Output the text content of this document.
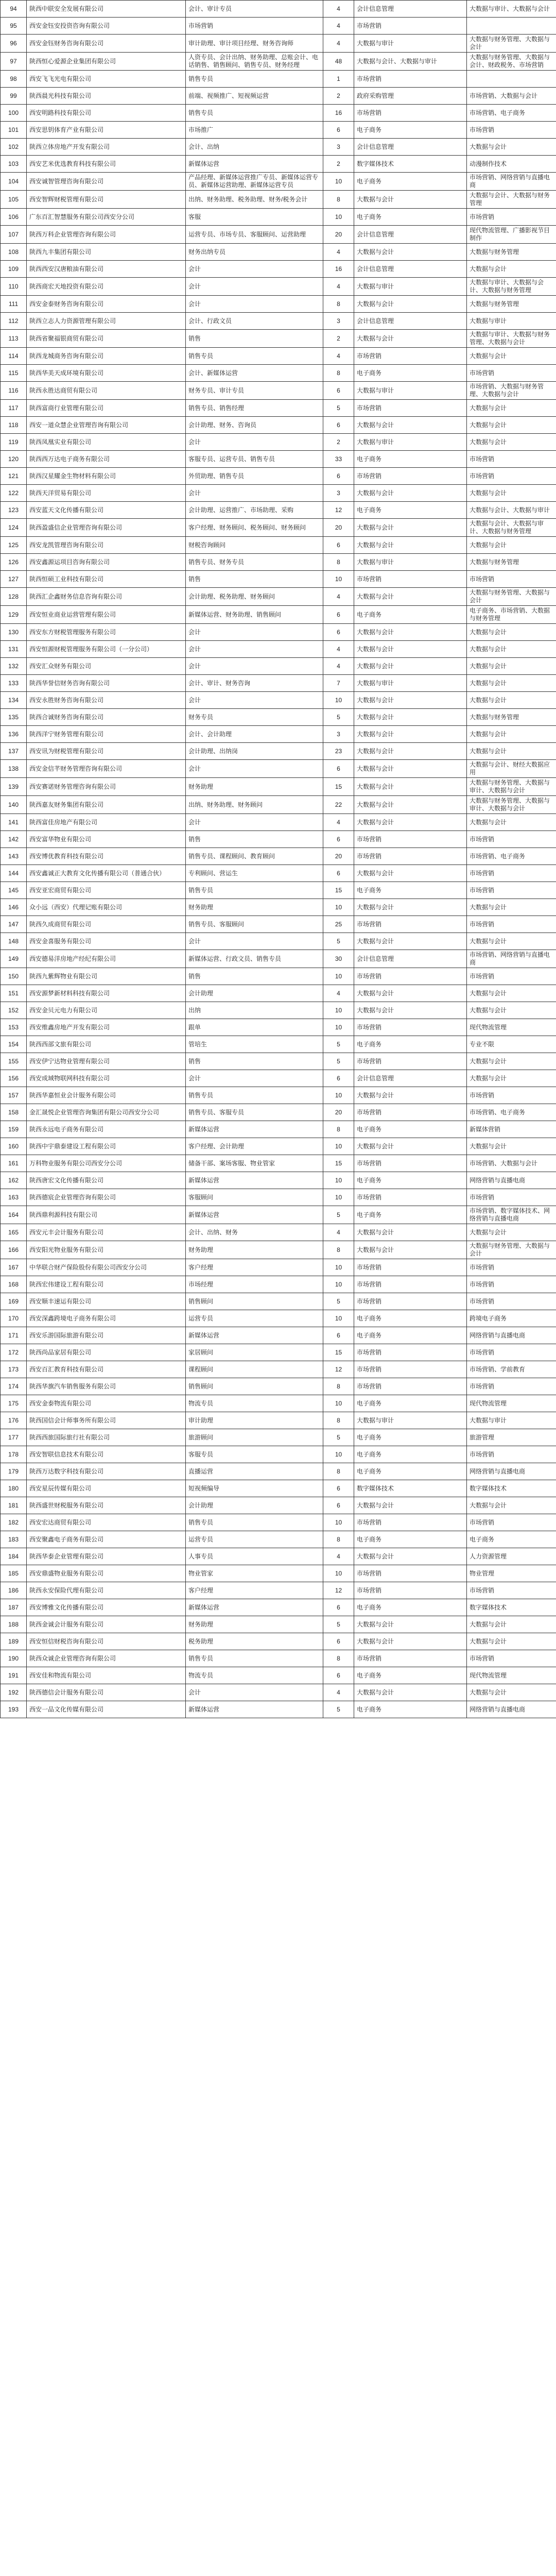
94	陕西中联安全发展有限公司	会计、审计专员	4	会计信息管理	大数据与审计、大数据与会计
95	西安金钰安投资咨询有限公司	市场营销	4	市场营销	
96	西安金钰财务咨询有限公司	审计助理、审计项目经理、财务咨询师	4	大数据与审计	大数据与财务管理、大数据与会计
97	陕西恒心爱源企业集团有限公司	人资专员、会计出纳、财务助理、总账会计、电话销售、销售顾问、销售专员、财务经理	48	大数据与会计、大数据与审计	大数据与财务管理、大数据与会计、财政税务、市场营销
98	西安飞飞光电有限公司	销售专员	1	市场营销	
99	陕西晨光科技有限公司	前端、视频推广、短视频运营	2	政府采购管理	市场营销、大数据与会计
100	西安明路科技有限公司	销售专员	16	市场营销	市场营销、电子商务
101	西安思钥体育产业有限公司	市场推广	6	电子商务	市场营销
102	陕西立体房地产开发有限公司	会计、出纳	3	会计信息管理	大数据与会计
103	西安艺米优选教育科技有限公司	新媒体运营	2	数字媒体技术	动漫制作技术
104	西安诚智管理咨询有限公司	产品经理、新媒体运营推广专员、新媒体运营专员、新媒体运营助理、新媒体运营专员	10	电子商务	市场营销、网络营销与直播电商
105	西安智辉财税管理有限公司	出纳、财务助理、税务助理、财务/税务会计	8	大数据与会计	大数据与会计、大数据与财务管理
106	广东百汇智慧服务有限公司西安分公司	客服	10	电子商务	市场营销
107	陕西万科企业管理咨询有限公司	运营专员、市场专员、客服顾问、运营助理	20	会计信息管理	现代物流管理、广播影视节目制作
108	陕西九丰集团有限公司	财务出纳专员	4	大数据与会计	大数据与财务管理
109	陕西西安汉唐粮油有限公司	会计	16	会计信息管理	大数据与会计
110	陕西商宏天地投资有限公司	会计	4	大数据与审计	大数据与审计、大数据与会计、大数据与财务管理
111	西安金泰财务咨询有限公司	会计	8	大数据与会计	大数据与财务管理
112	陕西立志人力资源管理有限公司	会计、行政文员	3	会计信息管理	大数据与审计
113	陕西省聚福银商贸有限公司	销售	2	大数据与会计	大数据与审计、大数据与财务管理、大数据与会计
114	陕西龙城商务咨询有限公司	销售专员	4	市场营销	大数据与会计
115	陕西华美天成环境有限公司	会计、新媒体运营	8	电子商务	市场营销
116	陕西永胜达商贸有限公司	财务专员、审计专员	6	大数据与审计	市场营销、大数据与财务管理、大数据与会计
117	陕西富商行业管理有限公司	销售专员、销售经理	5	市场营销	大数据与会计
118	西安一道众慧企业管理咨询有限公司	会计助理、财务、咨询员	6	大数据与会计	大数据与会计
119	陕西凤凰实业有限公司	会计	2	大数据与审计	大数据与会计
120	陕西西万达电子商务有限公司	客服专员、运营专员、销售专员	33	电子商务	市场营销
121	陕西汉星耀金生物材料有限公司	外贸助理、销售专员	6	市场营销	市场营销
122	陕西天洋贸易有限公司	会计	3	大数据与会计	大数据与会计
123	西安蓝天文化传播有限公司	会计助理、运营推广、市场助理、采购	12	电子商务	大数据与会计、大数据与审计
124	陕西盈盛信企业管理咨询有限公司	客户经理、财务顾问、税务顾问、财务顾问	20	大数据与会计	大数据与会计、大数据与审计、大数据与财务管理
125	西安龙凯管理咨询有限公司	财税咨询顾问	6	大数据与会计	大数据与会计
126	西安鑫源运项目咨询有限公司	销售专员、财务专员	8	大数据与审计	大数据与财务管理
127	陕西恒硕工业科技有限公司	销售	10	市场营销	市场营销
128	陕西汇企鑫财务信息咨询有限公司	会计助理、税务助理、财务顾问	4	大数据与会计	大数据与财务管理、大数据与会计
129	西安恒业商业运营管理有限公司	新媒体运营、财务助理、销售顾问	6	电子商务	电子商务、市场营销、大数据与财务管理
130	西安东方财税管理服务有限公司	会计	6	大数据与会计	大数据与会计
131	西安恒源财税管理服务有限公司（一分公司）	会计	4	大数据与会计	大数据与会计
132	西安汇众财务有限公司	会计	4	大数据与会计	大数据与会计
133	陕西华誉信财务咨询有限公司	会计、审计、财务咨询	7	大数据与审计	大数据与会计
134	西安永胜财务咨询有限公司	会计	10	大数据与会计	大数据与会计
135	陕西合诚财务咨询有限公司	财务专员	5	大数据与会计	大数据与财务管理
136	陕西洋宁财务管理有限公司	会计、会计助理	3	大数据与会计	大数据与会计
137	西安讯为财税管理有限公司	会计助理、出纳岗	23	大数据与会计	大数据与会计
138	西安金信芊财务管理咨询有限公司	会计	6	大数据与会计	大数据与会计、财经大数据应用
139	西安赛诺财务管理咨询有限公司	财务助理	15	大数据与会计	大数据与财务管理、大数据与审计、大数据与会计
140	陕西嘉友财务集团有限公司	出纳、财务助理、财务顾问	22	大数据与会计	大数据与财务管理、大数据与审计、大数据与会计
141	陕西富佳房地产有限公司	会计	4	大数据与会计	大数据与会计
142	西安富华物业有限公司	销售	6	市场营销	市场营销
143	西安博优教育科技有限公司	销售专员、课程顾问、教育顾问	20	市场营销	市场营销、电子商务
144	西安鑫诚正大教育文化传播有限公司（普通合伙）	专利顾问、营运生	6	大数据与会计	市场营销
145	西安亚宏商贸有限公司	销售专员	15	电子商务	市场营销
146	众小远（西安）代理记账有限公司	财务助理	10	大数据与会计	大数据与会计
147	陕西久成商贸有限公司	销售专员、客服顾问	25	市场营销	市场营销
148	西安金喜服务有限公司	会计	5	大数据与会计	大数据与会计
149	西安德易洋房地产经纪有限公司	新媒体运营、行政文员、销售专员	30	会计信息管理	市场营销、网络营销与直播电商
150	陕西九紫辉物业有限公司	销售	10	市场营销	市场营销
151	西安源梦新材料科技有限公司	会计助理	4	大数据与会计	大数据与会计
152	西安金贝元电力有限公司	出纳	10	大数据与会计	大数据与会计
153	西安维鑫房地产开发有限公司	跟单	10	市场营销	现代物流管理
154	陕西西部文旅有限公司	管培生	5	电子商务	专业不限
155	西安伊宁达物业管理有限公司	销售	5	市场营销	大数据与会计
156	西安成域物联网科技有限公司	会计	6	会计信息管理	大数据与会计
157	陕西华嘉恒业会计服务有限公司	销售专员	10	大数据与会计	市场营销
158	金汇晟悦企业管理咨询集团有限公司西安分公司	销售专员、客服专员	20	市场营销	市场营销、电子商务
159	陕西永远电子商务有限公司	新媒体运营	8	电子商务	新媒体营销
160	陕西中宇鼎泰建设工程有限公司	客户经理、会计助理	10	大数据与会计	大数据与会计
161	万科物业服务有限公司西安分公司	储备干部、案场客服、物业管家	15	市场营销	市场营销、大数据与会计
162	陕西唐宏文化传播有限公司	新媒体运营	10	电子商务	网络营销与直播电商
163	陕西德宸企业管理咨询有限公司	客服顾问	10	市场营销	市场营销
164	陕西鼎利源科技有限公司	新媒体运营	5	电子商务	市场营销、数字媒体技术、网络营销与直播电商
165	西安元丰会计服务有限公司	会计、出纳、财务	4	大数据与会计	大数据与会计
166	西安阳光物业服务有限公司	财务助理	8	大数据与会计	大数据与财务管理、大数据与会计
167	中华联合财产保险股份有限公司西安分公司	客户经理	10	市场营销	市场营销
168	陕西宏伟建设工程有限公司	市场经理	10	市场营销	市场营销
169	西安顺丰速运有限公司	销售顾问	5	市场营销	市场营销
170	西安深鑫跨境电子商务有限公司	运营专员	10	电子商务	跨境电子商务
171	西安乐游国际旅游有限公司	新媒体运营	6	电子商务	网络营销与直播电商
172	陕西尚品家居有限公司	家居顾问	15	市场营销	市场营销
173	西安百汇教育科技有限公司	课程顾问	12	市场营销	市场营销、学前教育
174	陕西华旗汽车销售服务有限公司	销售顾问	8	市场营销	市场营销
175	西安金泰物流有限公司	物流专员	10	电子商务	现代物流管理
176	陕西国信会计师事务所有限公司	审计助理	8	大数据与审计	大数据与审计
177	陕西西旅国际旅行社有限公司	旅游顾问	5	电子商务	旅游管理
178	西安智联信息技术有限公司	客服专员	10	电子商务	市场营销
179	陕西万达数字科技有限公司	直播运营	8	电子商务	网络营销与直播电商
180	西安星辰传媒有限公司	短视频编导	6	数字媒体技术	数字媒体技术
181	陕西盛世财税服务有限公司	会计助理	6	大数据与会计	大数据与会计
182	西安宏达商贸有限公司	销售专员	10	市场营销	市场营销
183	西安聚鑫电子商务有限公司	运营专员	8	电子商务	电子商务
184	陕西华泰企业管理有限公司	人事专员	4	大数据与会计	人力资源管理
185	西安鼎盛物业服务有限公司	物业管家	10	市场营销	物业管理
186	陕西永安保险代理有限公司	客户经理	12	市场营销	市场营销
187	西安博雅文化传播有限公司	新媒体运营	6	电子商务	数字媒体技术
188	陕西金诚会计服务有限公司	财务助理	5	大数据与会计	大数据与会计
189	西安恒信财税咨询有限公司	税务助理	6	大数据与会计	大数据与会计
190	陕西众诚企业管理咨询有限公司	销售专员	8	市场营销	市场营销
191	西安佳和物流有限公司	物流专员	6	电子商务	现代物流管理
192	陕西德信会计服务有限公司	会计	4	大数据与会计	大数据与会计
193	西安一品文化传媒有限公司	新媒体运营	5	电子商务	网络营销与直播电商
